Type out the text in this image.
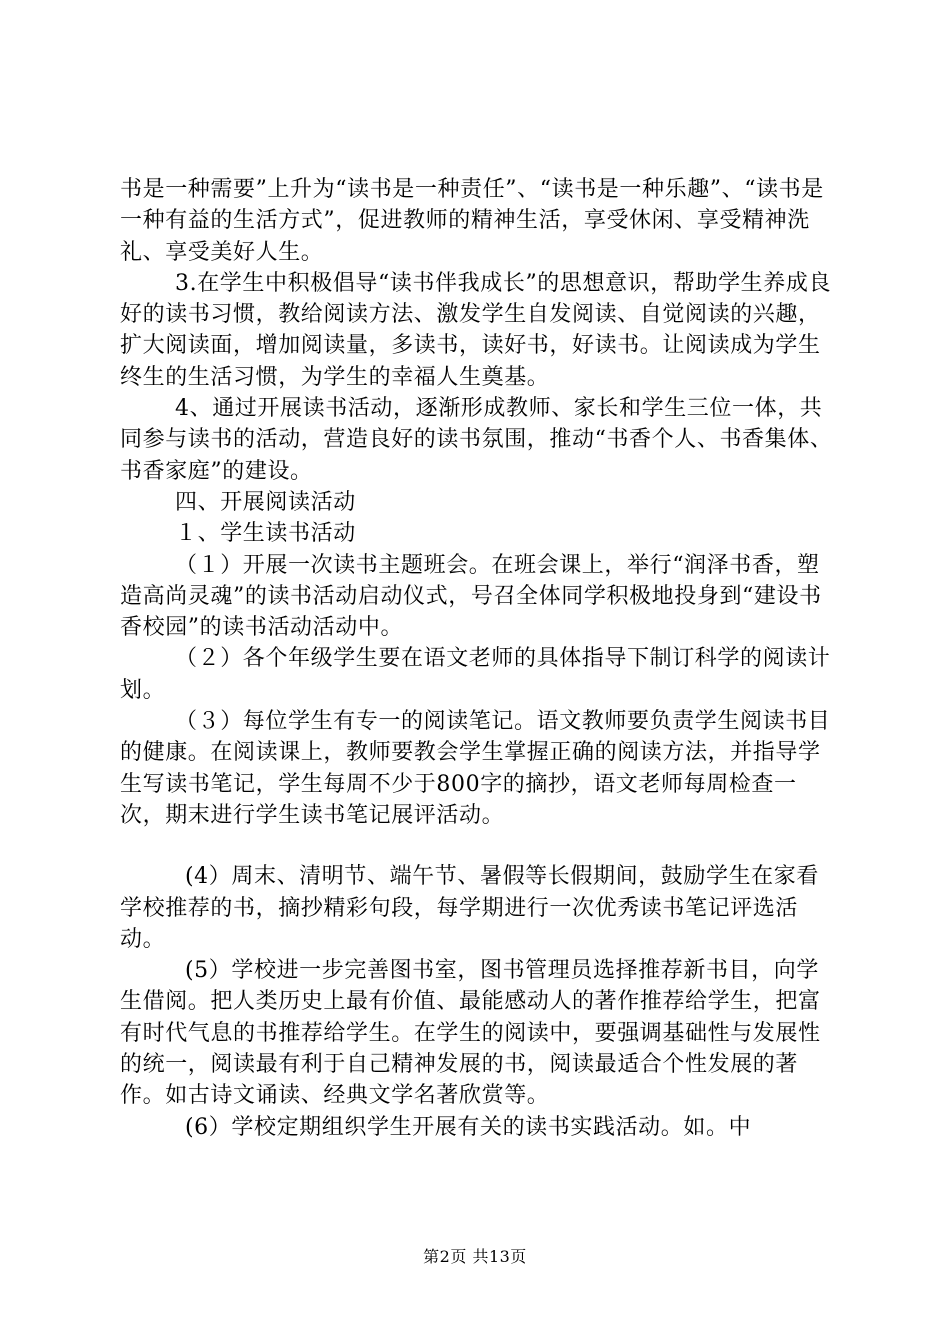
书是一种需要”上升为“读书是一种责任”、“读书是一种乐趣”、“读书是一种有益的生活方式”，促进教师的精神生活，享受休闲、享受精神洗礼、享受美好人生。

3.在学生中积极倡导“读书伴我成长”的思想意识，帮助学生养成良好的读书习惯，教给阅读方法、激发学生自发阅读、自觉阅读的兴趣，扩大阅读面，增加阅读量，多读书，读好书，好读书。让阅读成为学生终生的生活习惯，为学生的幸福人生奠基。

4、通过开展读书活动，逐渐形成教师、家长和学生三位一体，共同参与读书的活动，营造良好的读书氛围，推动“书香个人、书香集体、书香家庭”的建设。

四、开展阅读活动

１、学生读书活动

（１）开展一次读书主题班会。在班会课上，举行“润泽书香，塑造高尚灵魂”的读书活动启动仪式，号召全体同学积极地投身到“建设书香校园”的读书活动活动中。

（２）各个年级学生要在语文老师的具体指导下制订科学的阅读计划。

（３）每位学生有专一的阅读笔记。语文教师要负责学生阅读书目的健康。在阅读课上，教师要教会学生掌握正确的阅读方法，并指导学生写读书笔记，学生每周不少于800字的摘抄，语文老师每周检查一次，期末进行学生读书笔记展评活动。

(4）周末、清明节、端午节、暑假等长假期间，鼓励学生在家看学校推荐的书，摘抄精彩句段，每学期进行一次优秀读书笔记评选活动。

(5）学校进一步完善图书室，图书管理员选择推荐新书目，向学生借阅。把人类历史上最有价值、最能感动人的著作推荐给学生，把富有时代气息的书推荐给学生。在学生的阅读中，要强调基础性与发展性的统一，阅读最有利于自己精神发展的书，阅读最适合个性发展的著作。如古诗文诵读、经典文学名著欣赏等。

(6）学校定期组织学生开展有关的读书实践活动。如。中

第2页 共13页
